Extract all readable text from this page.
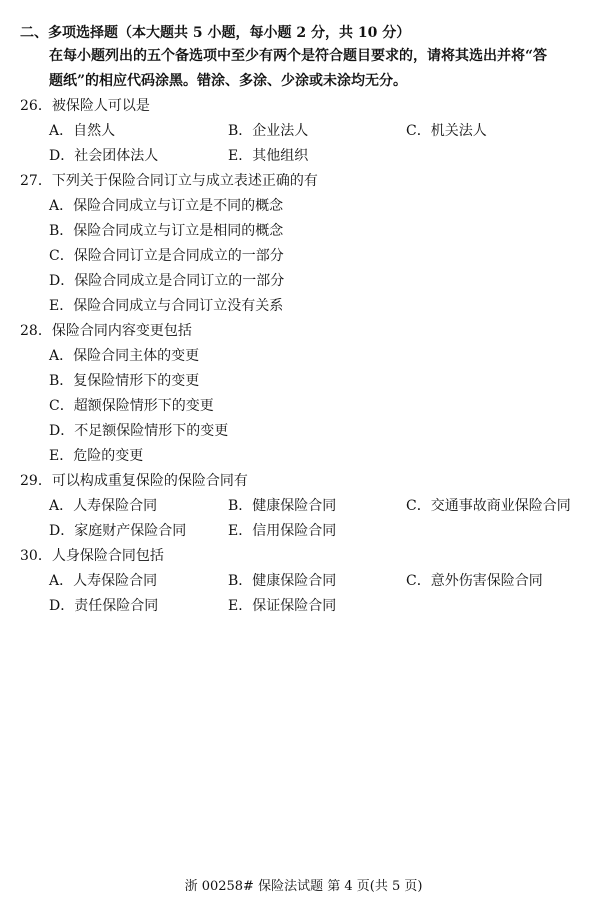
二、多项选择题（本大题共 5 小题，每小题 2 分，共 10 分）
在每小题列出的五个备选项中至少有两个是符合题目要求的，请将其选出并将“答
题纸”的相应代码涂黑。错涂、多涂、少涂或未涂均无分。
26．被保险人可以是
A．自然人	B．企业法人	C．机关法人
D．社会团体法人	E．其他组织
27．下列关于保险合同订立与成立表述正确的有
A．保险合同成立与订立是不同的概念
B．保险合同成立与订立是相同的概念
C．保险合同订立是合同成立的一部分
D．保险合同成立是合同订立的一部分
E．保险合同成立与合同订立没有关系
28．保险合同内容变更包括
A．保险合同主体的变更
B．复保险情形下的变更
C．超额保险情形下的变更
D．不足额保险情形下的变更
E．危险的变更
29．可以构成重复保险的保险合同有
A．人寿保险合同	B．健康保险合同	C．交通事故商业保险合同
D．家庭财产保险合同	E．信用保险合同
30．人身保险合同包括
A．人寿保险合同	B．健康保险合同	C．意外伤害保险合同
D．责任保险合同	E．保证保险合同
浙 00258# 保险法试题 第 4 页(共 5 页)
